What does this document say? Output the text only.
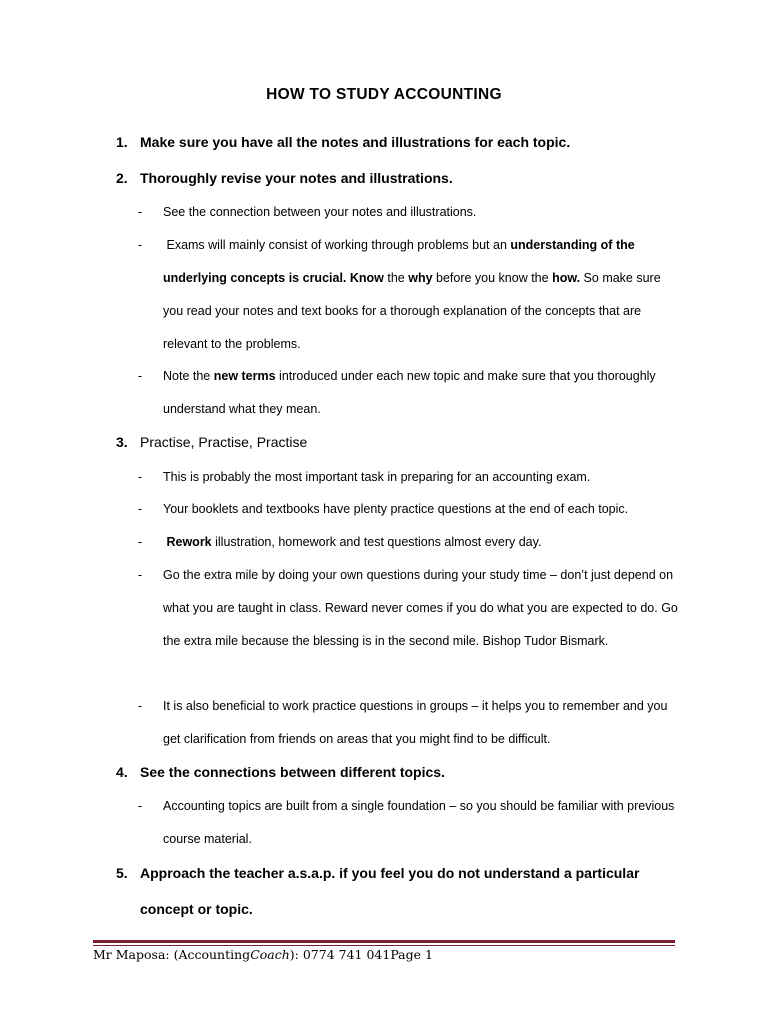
HOW TO STUDY ACCOUNTING
1. Make sure you have all the notes and illustrations for each topic.
2. Thoroughly revise your notes and illustrations.
- See the connection between your notes and illustrations.
- Exams will mainly consist of working through problems but an understanding of the underlying concepts is crucial. Know the why before you know the how. So make sure you read your notes and text books for a thorough explanation of the concepts that are relevant to the problems.
- Note the new terms introduced under each new topic and make sure that you thoroughly understand what they mean.
3. Practise, Practise, Practise
- This is probably the most important task in preparing for an accounting exam.
- Your booklets and textbooks have plenty practice questions at the end of each topic.
- Rework illustration, homework and test questions almost every day.
- Go the extra mile by doing your own questions during your study time – don’t just depend on what you are taught in class. Reward never comes if you do what you are expected to do. Go the extra mile because the blessing is in the second mile. Bishop Tudor Bismark.
- It is also beneficial to work practice questions in groups – it helps you to remember and you get clarification from friends on areas that you might find to be difficult.
4. See the connections between different topics.
- Accounting topics are built from a single foundation – so you should be familiar with previous course material.
5. Approach the teacher a.s.a.p. if you feel you do not understand a particular concept or topic.
Mr Maposa: (AccountingCoach): 0774 741 041Page 1
